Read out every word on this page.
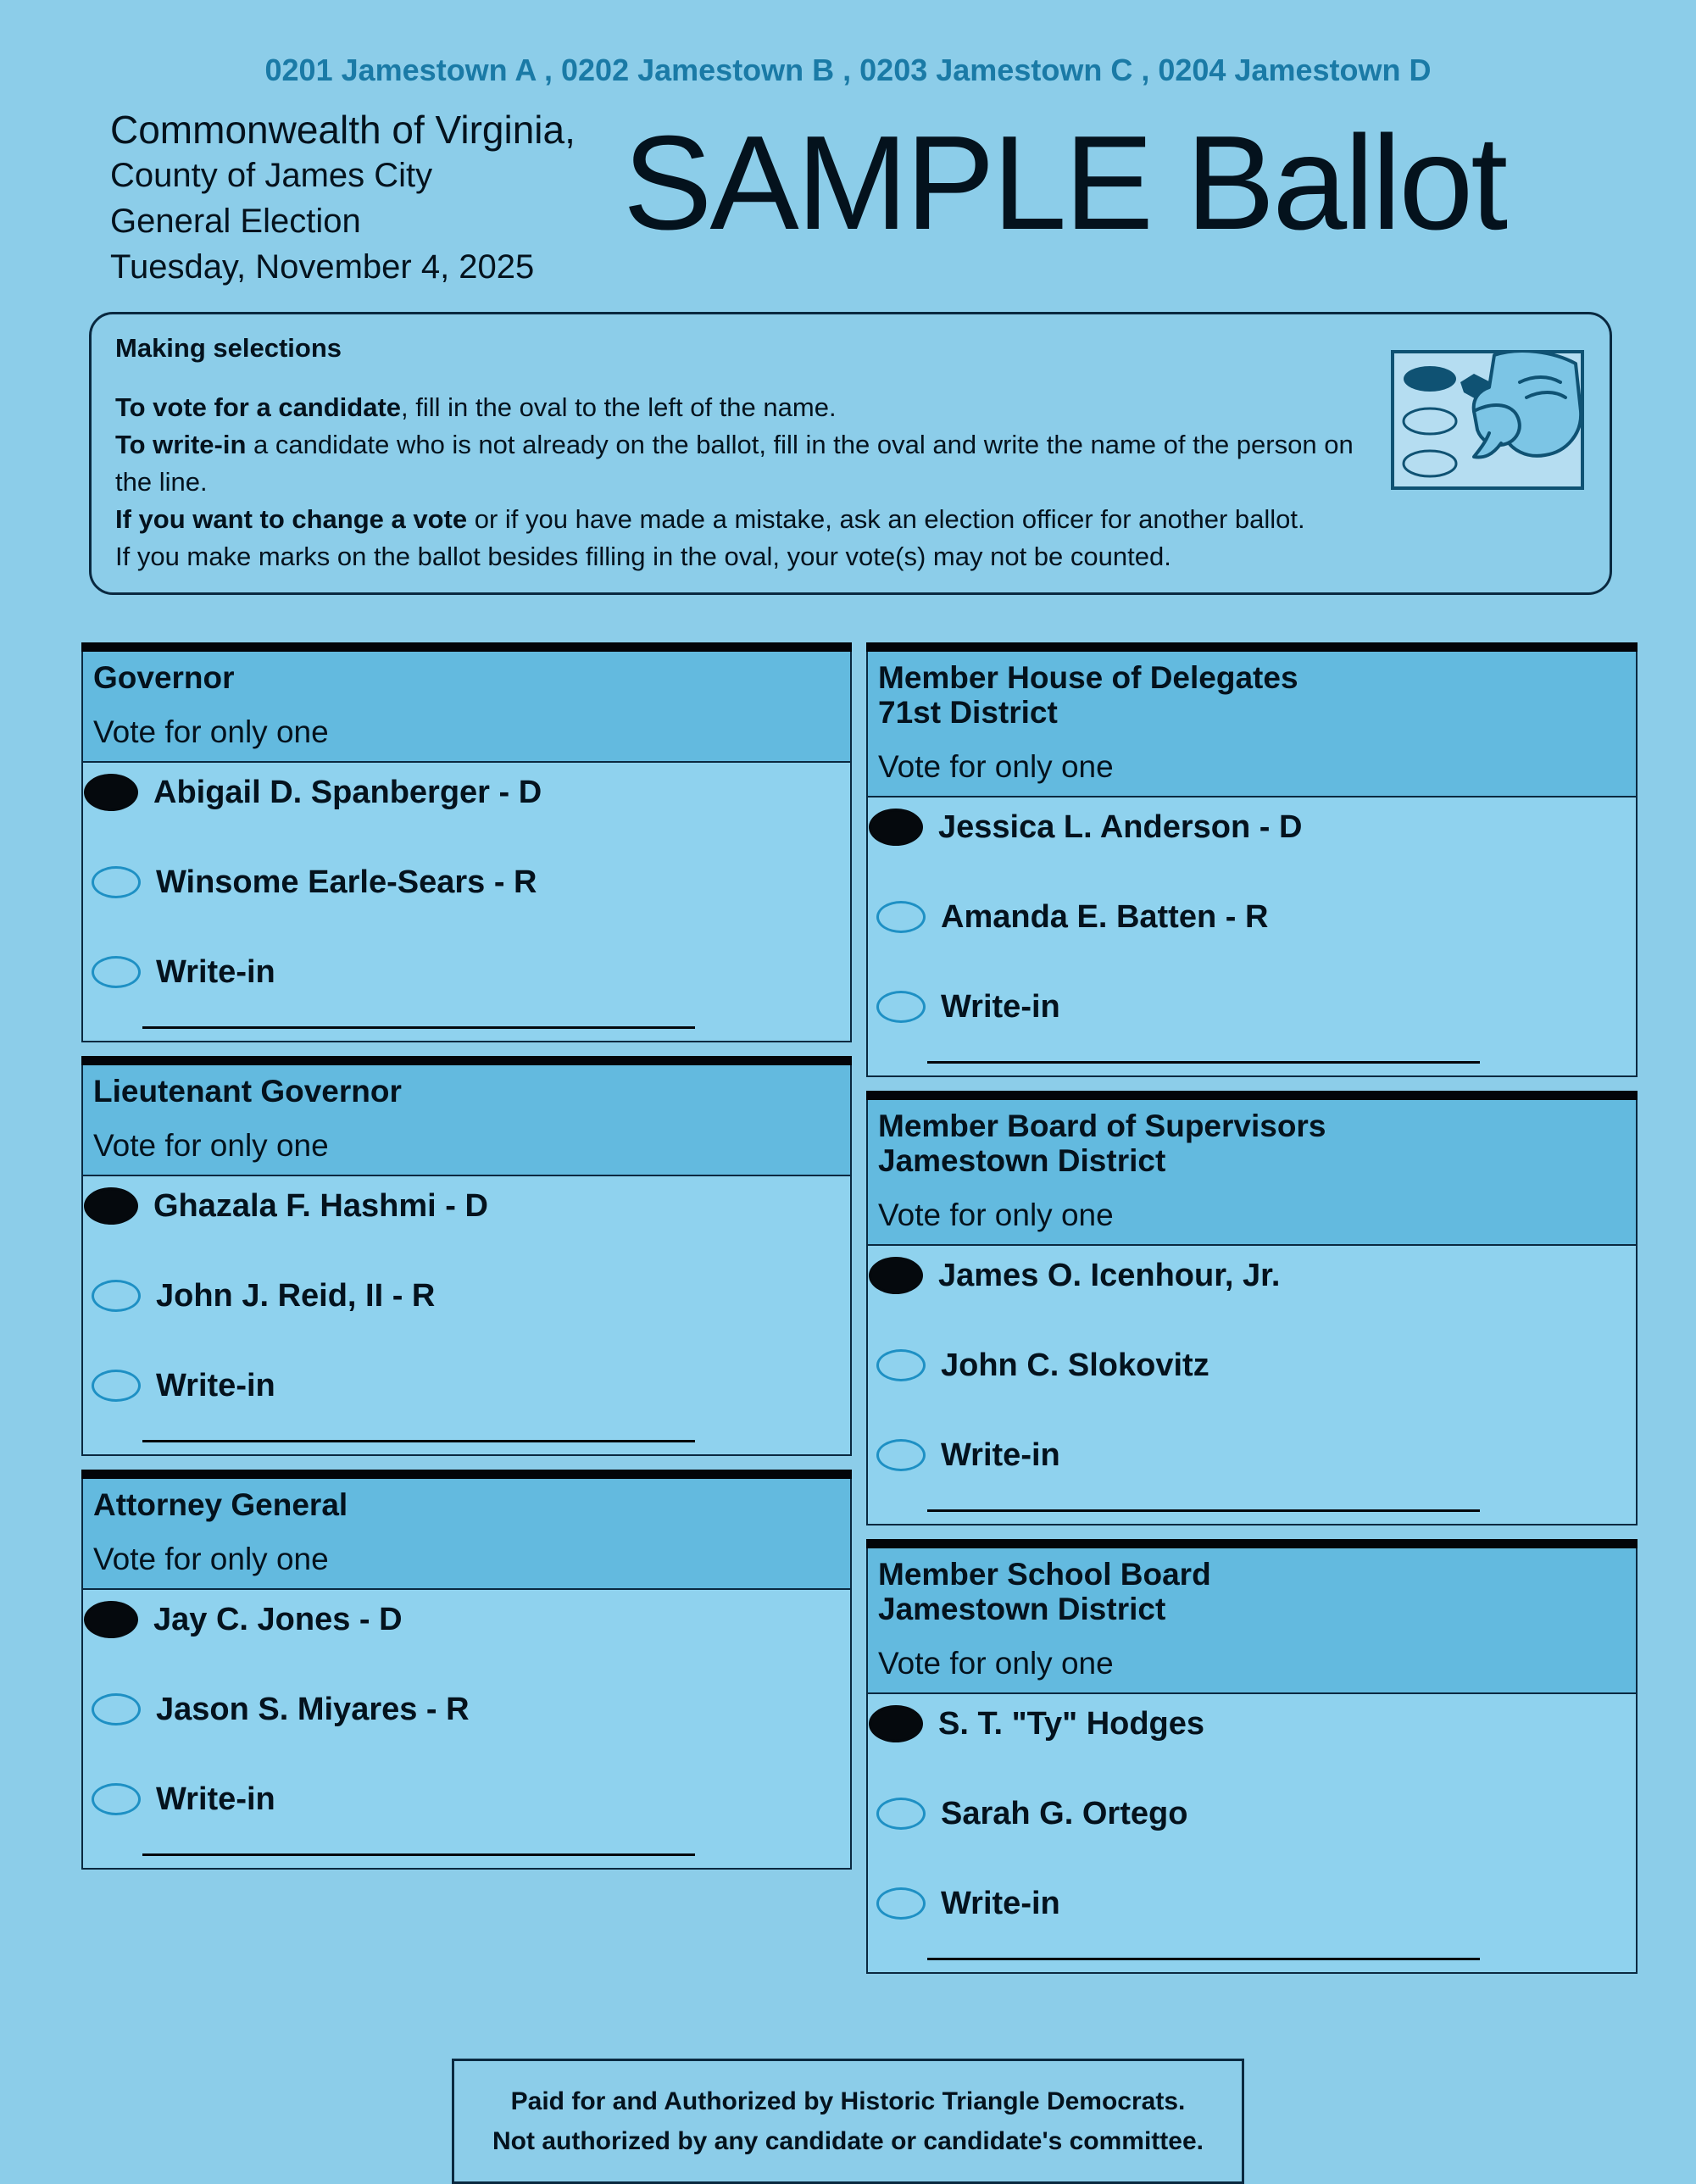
0201 Jamestown A , 0202 Jamestown B , 0203 Jamestown C , 0204 Jamestown D
Commonwealth of Virginia,
County of James City
General Election
Tuesday, November 4, 2025
SAMPLE Ballot
Making selections
To vote for a candidate, fill in the oval to the left of the name.
To write-in a candidate who is not already on the ballot, fill in the oval and write the name of the person on the line.
If you want to change a vote or if you have made a mistake, ask an election officer for another ballot.
If you make marks on the ballot besides filling in the oval, your vote(s) may not be counted.
Governor
Vote for only one
Abigail D. Spanberger - D
Winsome Earle-Sears - R
Write-in
Lieutenant Governor
Vote for only one
Ghazala F. Hashmi - D
John J. Reid, II - R
Write-in
Attorney General
Vote for only one
Jay C. Jones - D
Jason S. Miyares - R
Write-in
Member House of Delegates
71st District
Vote for only one
Jessica L. Anderson - D
Amanda E. Batten - R
Write-in
Member Board of Supervisors
Jamestown District
Vote for only one
James O. Icenhour, Jr.
John C. Slokovitz
Write-in
Member School Board
Jamestown District
Vote for only one
S. T. "Ty" Hodges
Sarah G. Ortego
Write-in
Paid for and Authorized by Historic Triangle Democrats.
Not authorized by any candidate or candidate's committee.
